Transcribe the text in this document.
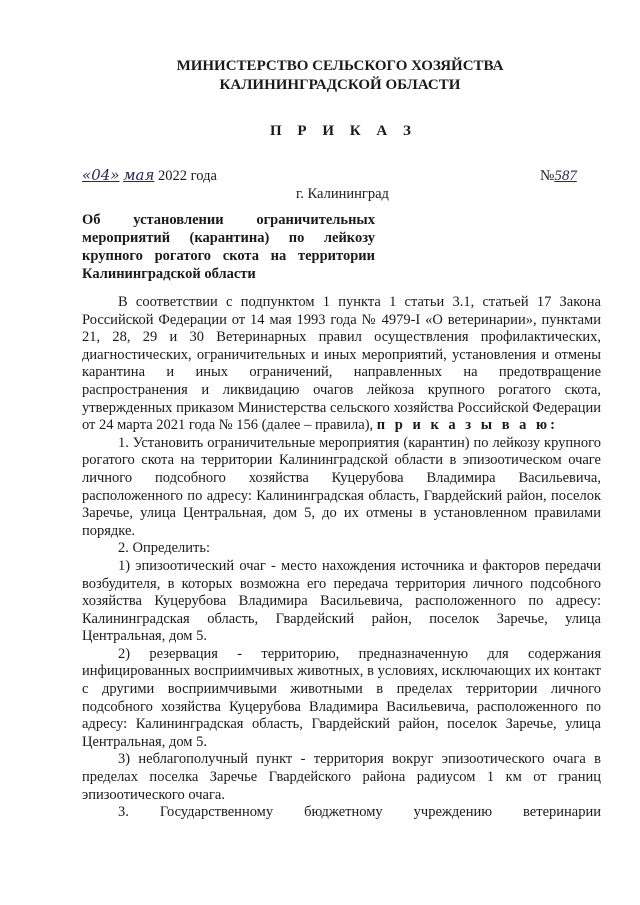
МИНИСТЕРСТВО СЕЛЬСКОГО ХОЗЯЙСТВА
КАЛИНИНГРАДСКОЙ ОБЛАСТИ
П Р И К А З
«04» мая 2022 года	№587
г. Калининград
Об установлении ограничительных мероприятий (карантина) по лейкозу крупного рогатого скота на территории Калининградской области

В соответствии с подпунктом 1 пункта 1 статьи 3.1, статьей 17 Закона Российской Федерации от 14 мая 1993 года № 4979-I «О ветеринарии», пунктами 21, 28, 29 и 30 Ветеринарных правил осуществления профилактических, диагностических, ограничительных и иных мероприятий, установления и отмены карантина и иных ограничений, направленных на предотвращение распространения и ликвидацию очагов лейкоза крупного рогатого скота, утвержденных приказом Министерства сельского хозяйства Российской Федерации от 24 марта 2021 года № 156 (далее – правила), п р и к а з ы в а ю:

1. Установить ограничительные мероприятия (карантин) по лейкозу крупного рогатого скота на территории Калининградской области в эпизоотическом очаге личного подсобного хозяйства Куцерубова Владимира Васильевича, расположенного по адресу: Калининградская область, Гвардейский район, поселок Заречье, улица Центральная, дом 5, до их отмены в установленном правилами порядке.

2. Определить:

1) эпизоотический очаг - место нахождения источника и факторов передачи возбудителя, в которых возможна его передача территория личного подсобного хозяйства Куцерубова Владимира Васильевича, расположенного по адресу: Калининградская область, Гвардейский район, поселок Заречье, улица Центральная, дом 5.

2) резервация - территорию, предназначенную для содержания инфицированных восприимчивых животных, в условиях, исключающих их контакт с другими восприимчивыми животными в пределах территории личного подсобного хозяйства Куцерубова Владимира Васильевича, расположенного по адресу: Калининградская область, Гвардейский район, поселок Заречье, улица Центральная, дом 5.

3) неблагополучный пункт - территория вокруг эпизоотического очага в пределах поселка Заречье Гвардейского района радиусом 1 км от границ эпизоотического очага.

3. Государственному бюджетному учреждению ветеринарии
